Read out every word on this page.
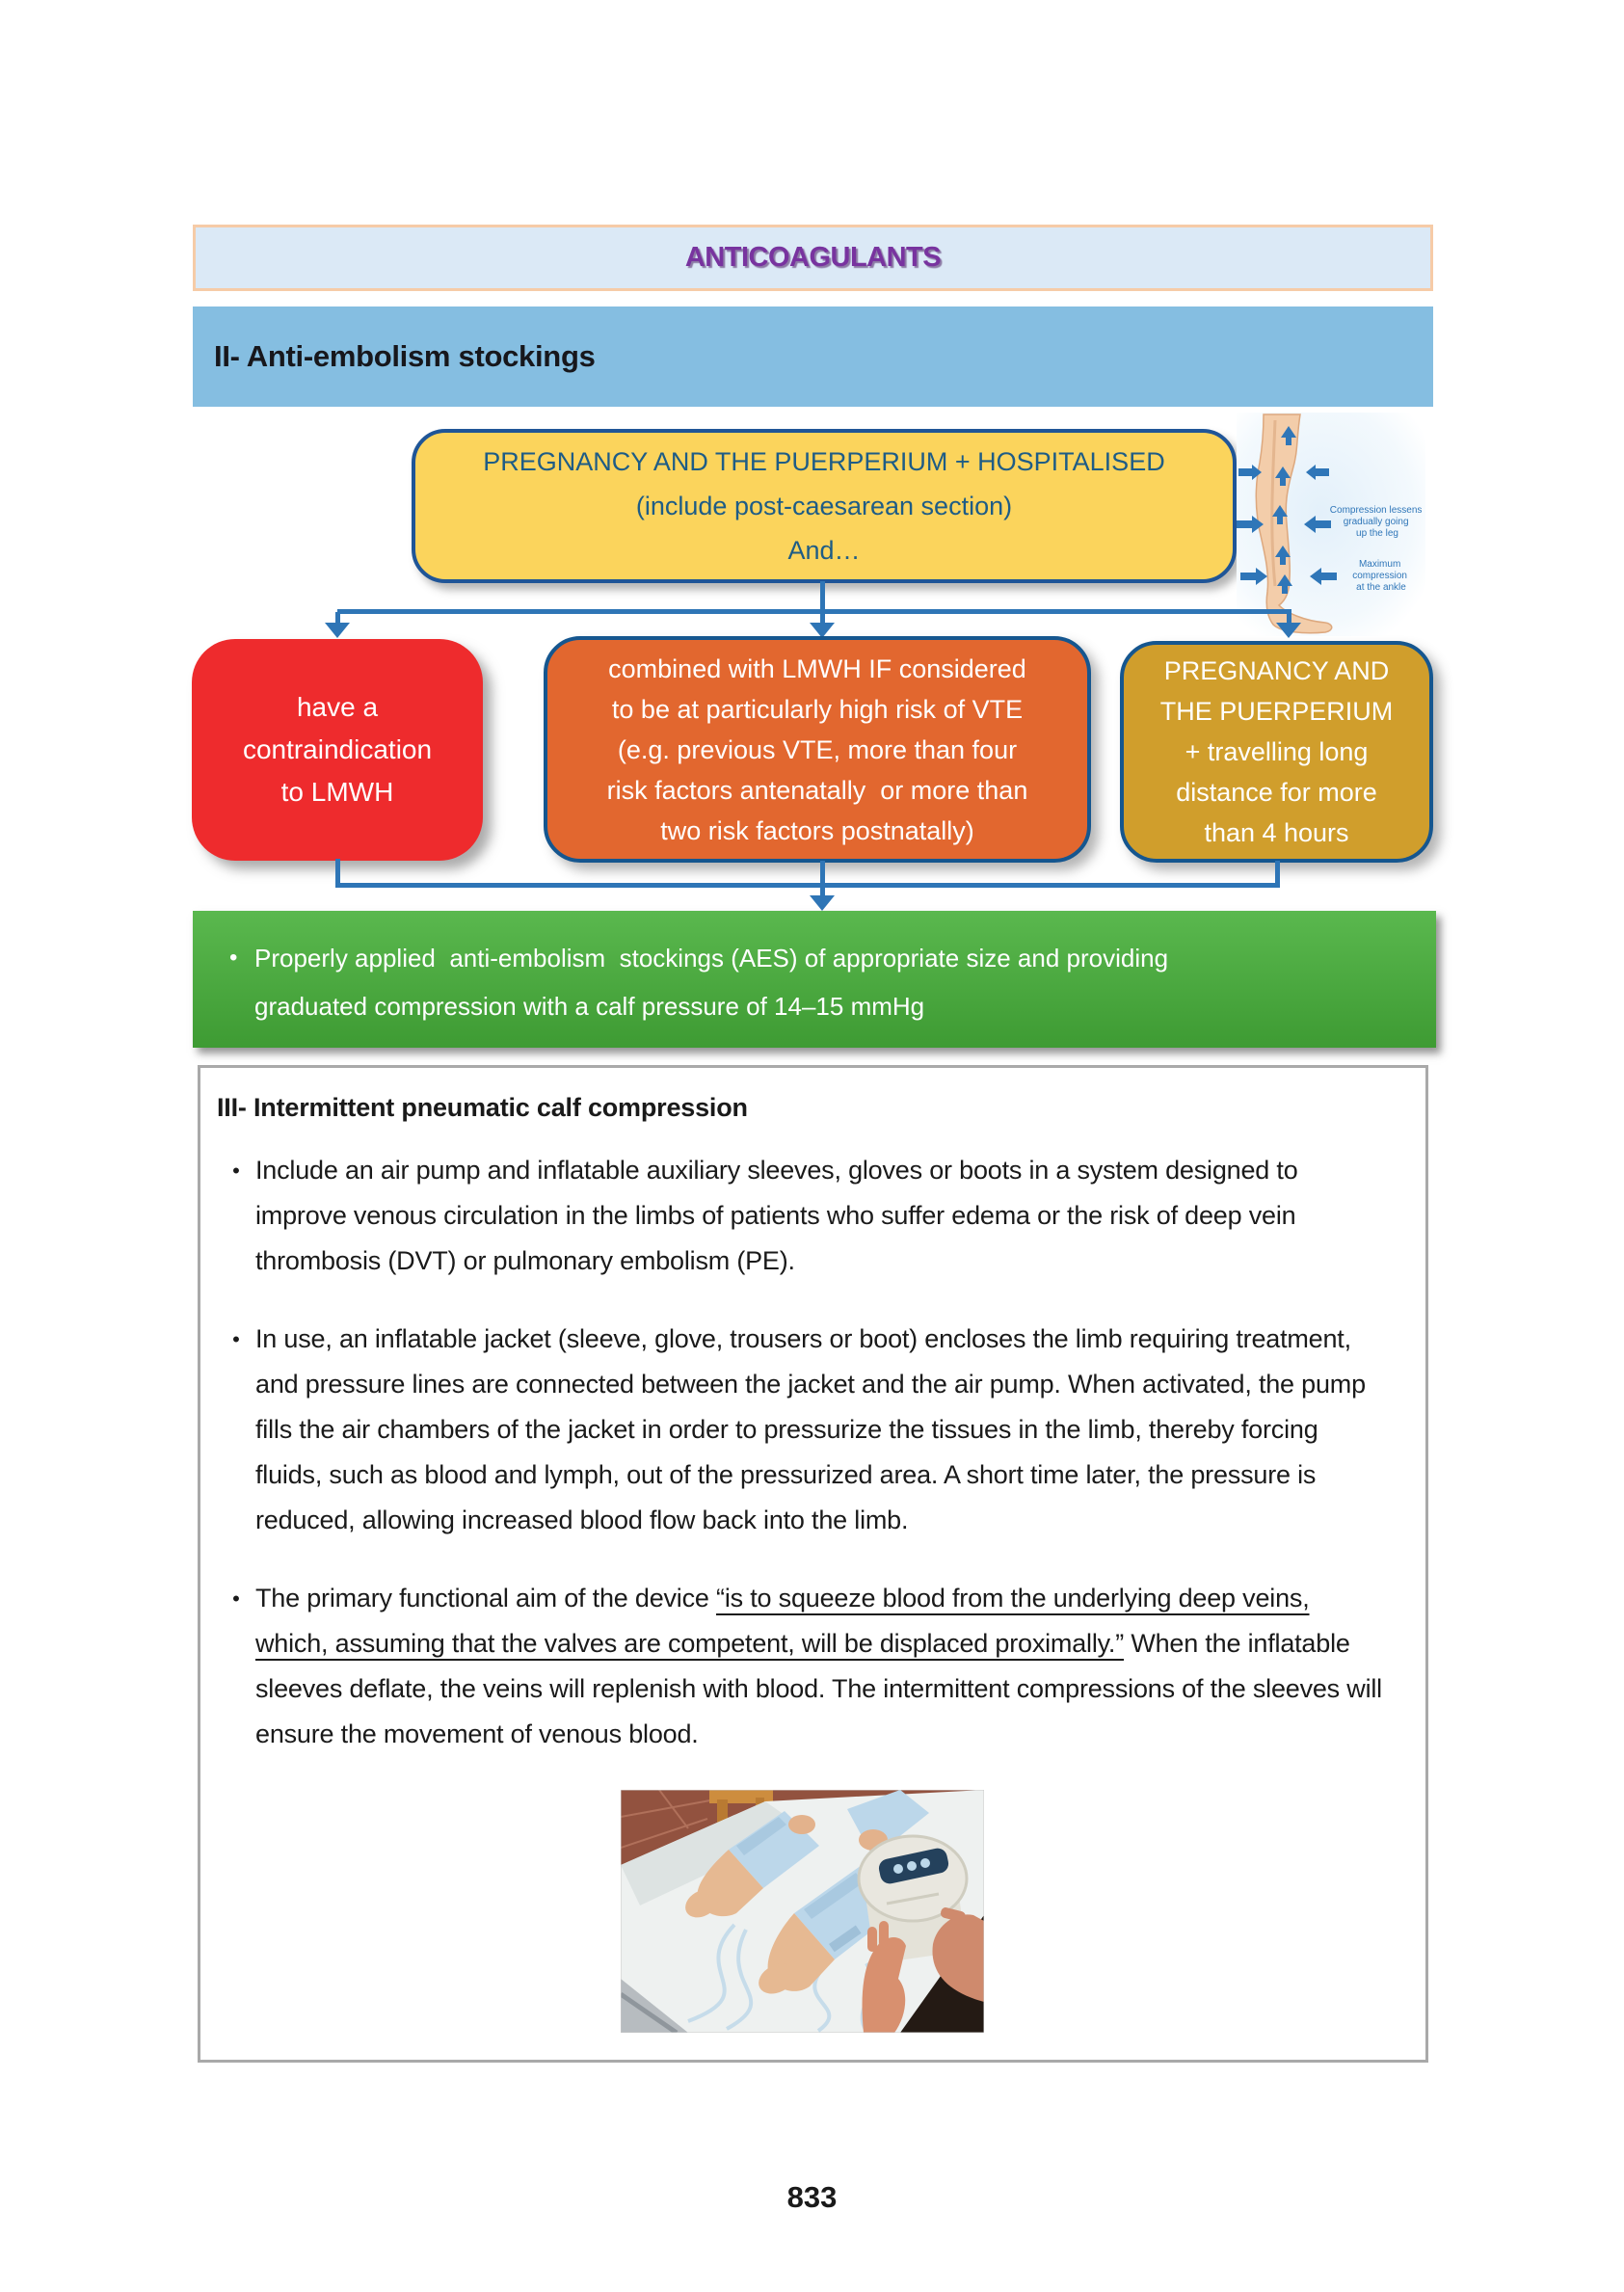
ANTICOAGULANTS
II- Anti-embolism stockings
PREGNANCY AND THE PUERPERIUM + HOSPITALISED
(include post-caesarean section)
And…
Compression lessens gradually going up the leg
Maximum compression at the ankle
have a
contraindication
to LMWH
combined with LMWH IF considered
to be at particularly high risk of VTE
(e.g. previous VTE, more than four
risk factors antenatally  or more than
two risk factors postnatally)
PREGNANCY AND
THE PUERPERIUM
+ travelling long
distance for more
than 4 hours
• Properly applied  anti-embolism  stockings (AES) of appropriate size and providing
graduated compression with a calf pressure of 14–15 mmHg
III- Intermittent pneumatic calf compression
• Include an air pump and inflatable auxiliary sleeves, gloves or boots in a system designed to improve venous circulation in the limbs of patients who suffer edema or the risk of deep vein thrombosis (DVT) or pulmonary embolism (PE).
• In use, an inflatable jacket (sleeve, glove, trousers or boot) encloses the limb requiring treatment, and pressure lines are connected between the jacket and the air pump. When activated, the pump fills the air chambers of the jacket in order to pressurize the tissues in the limb, thereby forcing fluids, such as blood and lymph, out of the pressurized area. A short time later, the pressure is reduced, allowing increased blood flow back into the limb.
• The primary functional aim of the device “is to squeeze blood from the underlying deep veins, which, assuming that the valves are competent, will be displaced proximally.” When the inflatable sleeves deflate, the veins will replenish with blood. The intermittent compressions of the sleeves will ensure the movement of venous blood.
833
